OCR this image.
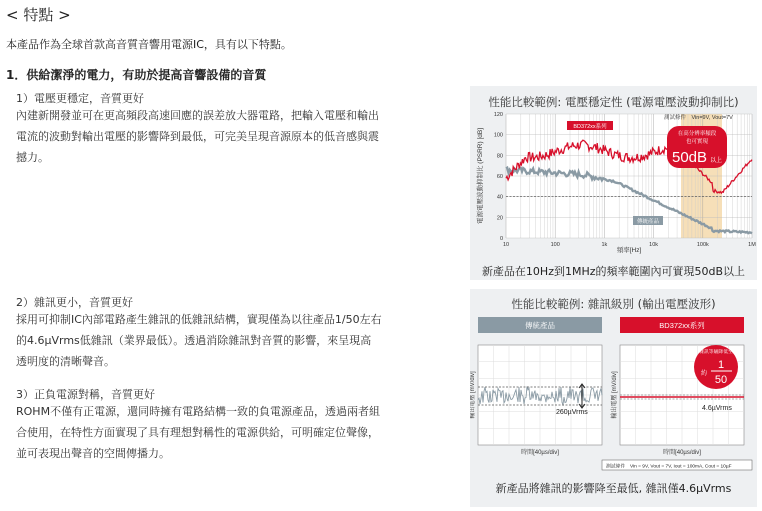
< 特點 >
本產品作為全球首款高音質音響用電源IC，具有以下特點。
1．供給潔淨的電力，有助於提高音響設備的音質
1）電壓更穩定，音質更好
內建新開發並可在更高頻段高速回應的誤差放大器電路，把輸入電壓和輸出
電流的波動對輸出電壓的影響降到最低，可完美呈現音源原本的低音感與震
撼力。
2）雜訊更小，音質更好
採用可抑制IC內部電路產生雜訊的低雜訊結構，實現僅為以往產品1/50左右
的4.6µVrms低雜訊（業界最低）。透過消除雜訊對音質的影響，來呈現高
透明度的清晰聲音。
3）正負電源對稱，音質更好
ROHM不僅有正電源，還同時擁有電路結構一致的負電源產品，透過兩者組
合使用，在特性方面實現了具有理想對稱性的電源供給，可明確定位聲像，
並可表現出聲音的空間傳播力。
性能比較範例: 電壓穩定性 (電源電壓波動抑制比)
測試條件　Vin=9V, Vout=7V
120
100
80
60
40
20
0
10	100	1k	10k	100k	1M
電源電壓波動抑制比 (PSRR) [dB]
頻率[Hz]
BD372xx系列
傳統產品
在高分辨率頻段
也可實現
50dB 以上
新產品在10Hz到1MHz的頻率範圍內可實現50dB以上
性能比較範例: 雜訊級別 (輸出電壓波形)
傳統產品	BD372xx系列
260µVrms
4.6µVrms
雜訊等級降低至
約
1
50
輸出電壓 [mV/div]	輸出電壓 [mV/div]
時間[40µs/div]	時間[40µs/div]
測試條件　Vin = 9V, Vout = 7V, Iout = 100mA, Cout = 10µF
新產品將雜訊的影響降至最低, 雜訊僅4.6µVrms
